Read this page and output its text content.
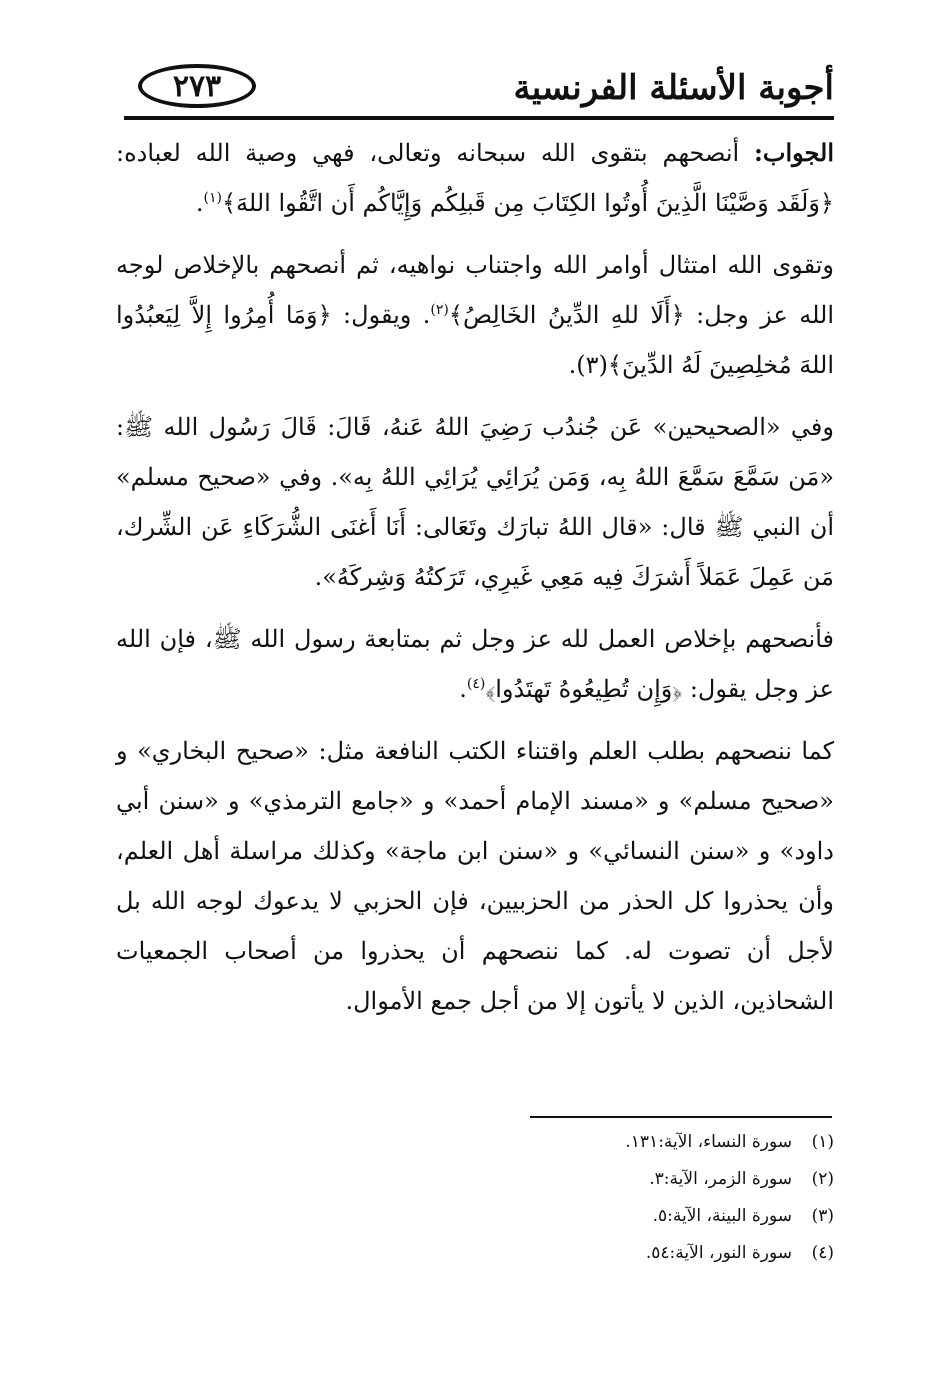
أجوبة الأسئلة الفرنسية
٢٧٣

الجواب: أنصحهم بتقوى الله سبحانه وتعالى، فهي وصية الله لعباده: ﴿وَلَقَد وَصَّيْنَا الَّذِينَ أُوتُوا الكِتَابَ مِن قَبلِكُم وَإِيَّاكُم أَن اتَّقُوا اللهَ﴾$^{(١)}$.

وتقوى الله امتثال أوامر الله واجتناب نواهيه، ثم أنصحهم بالإخلاص لوجه الله عز وجل: ﴿أَلَا للهِ الدِّينُ الخَالِصُ﴾$^{(٢)}$. ويقول: ﴿وَمَا أُمِرُوا إِلاَّ لِيَعبُدُوا اللهَ مُخلِصِينَ لَهُ الدِّينَ﴾(٣).

وفي «الصحيحين» عَن جُندُب رَضِيَ اللهُ عَنهُ، قَالَ: قَالَ رَسُول الله ﷺ: «مَن سَمَّعَ سَمَّعَ اللهُ بِه، وَمَن يُرَائِي يُرَائِي اللهُ بِه». وفي «صحيح مسلم» أن النبي ﷺ قال: «قال اللهُ تبارَك وتَعَالى: أَنَا أَغنَى الشُّرَكَاءِ عَن الشِّرك، مَن عَمِلَ عَمَلاً أَشرَكَ فِيه مَعِي غَيرِي، تَرَكتُهُ وَشِركَهُ».

فأنصحهم بإخلاص العمل لله عز وجل ثم بمتابعة رسول الله ﷺ، فإن الله عز وجل يقول: ﴿وَإِن تُطِيعُوهُ تَهتَدُوا﴾$^{(٤)}$.

كما ننصحهم بطلب العلم واقتناء الكتب النافعة مثل: «صحيح البخاري» و «صحيح مسلم» و «مسند الإمام أحمد» و «جامع الترمذي» و «سنن أبي داود» و «سنن النسائي» و «سنن ابن ماجة» وكذلك مراسلة أهل العلم، وأن يحذروا كل الحذر من الحزبيين، فإن الحزبي لا يدعوك لوجه الله بل لأجل أن تصوت له. كما ننصحهم أن يحذروا من أصحاب الجمعيات الشحاذين، الذين لا يأتون إلا من أجل جمع الأموال.

(١)
سورة النساء، الآية:١٣١.
(٢)
سورة الزمر، الآية:٣.
(٣)
سورة البينة، الآية:٥.
(٤)
سورة النور، الآية:٥٤.
